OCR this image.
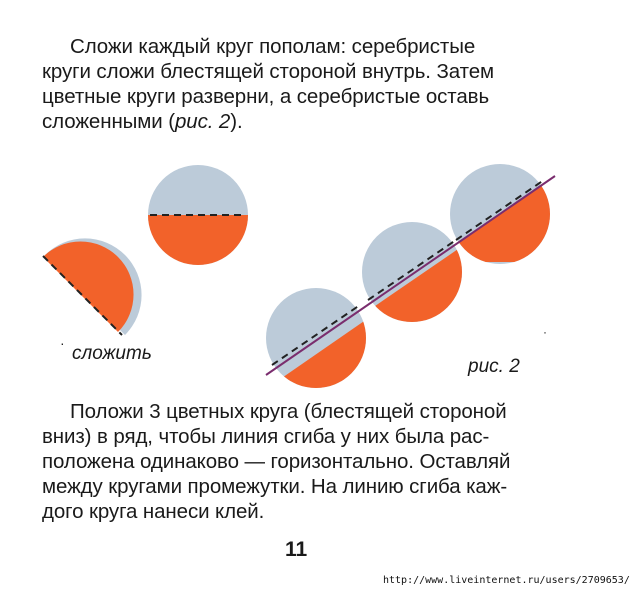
Сложи каждый круг пополам: серебристые
круги сложи блестящей стороной внутрь. Затем
цветные круги разверни, а серебристые оставь
сложенными (рис. 2).

·
·
сложить
рис. 2

Положи 3 цветных круга (блестящей стороной
вниз) в ряд, чтобы линия сгиба у них была рас-
положена одинаково — горизонтально. Оставляй
между кругами промежутки. На линию сгиба каж-
дого круга нанеси клей.

11
http://www.liveinternet.ru/users/2709653/
